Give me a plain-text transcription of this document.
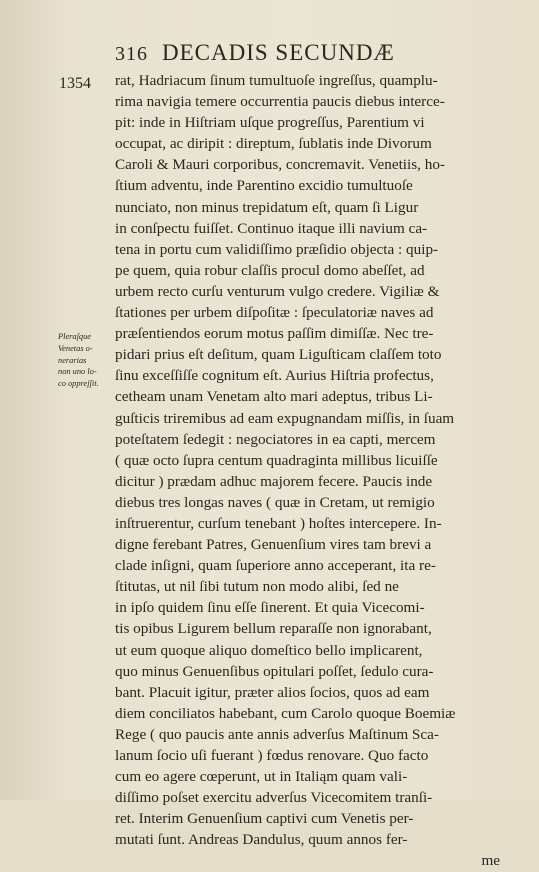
316 DECADIS SECUNDÆ
1354
Pleraſque
Venetas o-
nerarias
non uno lo-
co oppreſſit.
rat, Hadriacum ſinum tumultuoſe ingreſſus, quamplu-
rima navigia temere occurrentia paucis diebus interce-
pit: inde in Hiſtriam uſque progreſſus, Parentium vi
occupat, ac diripit : direptum, ſublatis inde Divorum
Caroli & Mauri corporibus, concremavit. Venetiis, ho-
ſtium adventu, inde Parentino excidio tumultuoſe
nunciato, non minus trepidatum eſt, quam ſi Ligur
in conſpectu fuiſſet. Continuo itaque illi navium ca-
tena in portu cum validiſſimo præſidio objecta : quip-
pe quem, quia robur claſſis procul domo abeſſet, ad
urbem recto curſu venturum vulgo credere. Vigiliæ &
ſtationes per urbem diſpoſitæ : ſpeculatoriæ naves ad
præſentiendos eorum motus paſſim dimiſſæ. Nec tre-
pidari prius eſt deſitum, quam Liguſticam claſſem toto
ſinu exceſſiſſe cognitum eſt. Aurius Hiſtria profectus,
cetheam unam Venetam alto mari adeptus, tribus Li-
guſticis triremibus ad eam expugnandam miſſis, in ſuam
poteſtatem ſedegit : negociatores in ea capti, mercem
( quæ octo ſupra centum quadraginta millibus licuiſſe
dicitur ) prædam adhuc majorem fecere. Paucis inde
diebus tres longas naves ( quæ in Cretam, ut remigio
inſtruerentur, curſum tenebant ) hoſtes intercepere. In-
digne ferebant Patres, Genuenſium vires tam brevi a
clade inſigni, quam ſuperiore anno acceperant, ita re-
ſtitutas, ut nil ſibi tutum non modo alibi, ſed ne
in ipſo quidem ſinu eſſe ſinerent. Et quia Vicecomi-
tis opibus Ligurem bellum reparaſſe non ignorabant,
ut eum quoque aliquo domeſtico bello implicarent,
quo minus Genuenſibus opitulari poſſet, ſedulo cura-
bant. Placuit igitur, præter alios ſocios, quos ad eam
diem conciliatos habebant, cum Carolo quoque Boemiæ
Rege ( quo paucis ante annis adverſus Maſtinum Sca-
lanum ſocio uſi fuerant ) fœdus renovare. Quo facto
cum eo agere cœperunt, ut in Italiąm quam vali-
diſſimo poſset exercitu adverſus Vicecomitem tranſi-
ret. Interim Genuenſium captivi cum Venetis per-
mutati ſunt. Andreas Dandulus, quum annos fer-
me
